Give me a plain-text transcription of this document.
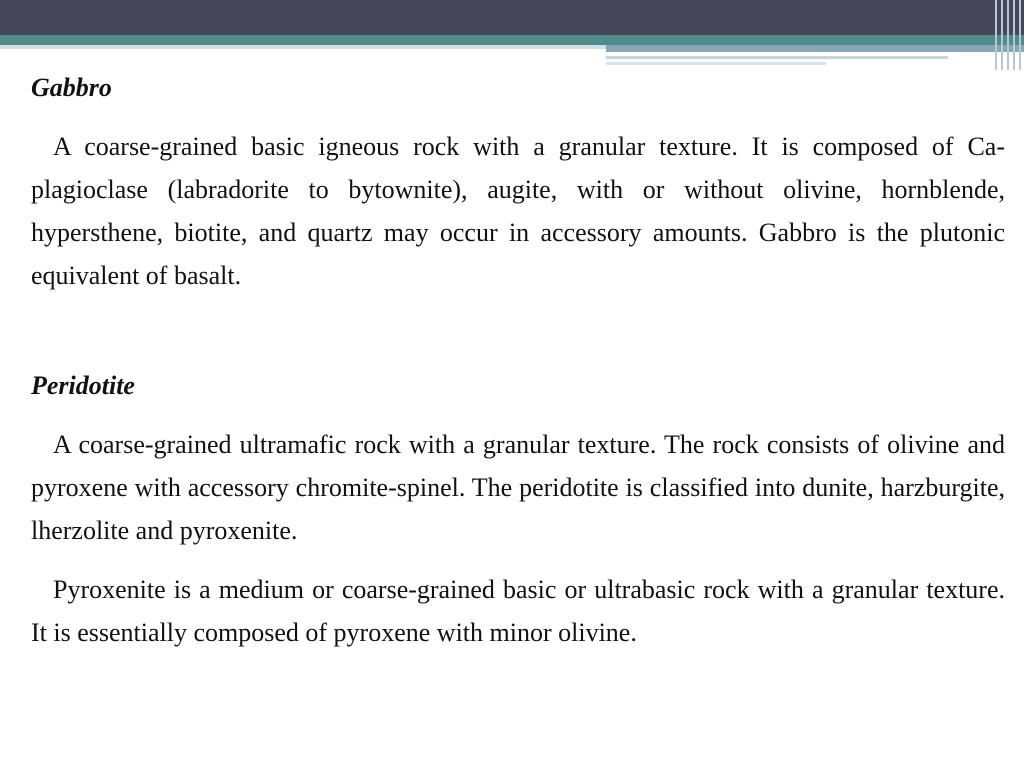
Gabbro

A coarse-grained basic igneous rock with a granular texture. It is composed of Ca-plagioclase (labradorite to bytownite), augite, with or without olivine, hornblende, hypersthene, biotite, and quartz may occur in accessory amounts. Gabbro is the plutonic equivalent of basalt.

Peridotite

A coarse-grained ultramafic rock with a granular texture. The rock consists of olivine and pyroxene with accessory chromite-spinel. The peridotite is classified into dunite, harzburgite, lherzolite and pyroxenite.

Pyroxenite is a medium or coarse-grained basic or ultrabasic rock with a granular texture. It is essentially composed of pyroxene with minor olivine.
